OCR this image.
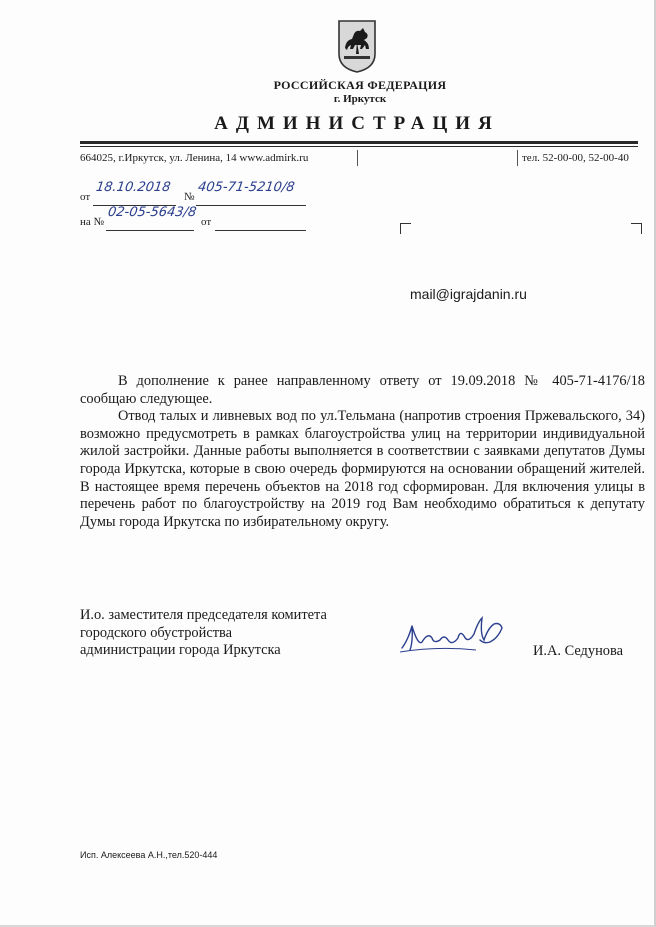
РОССИЙСКАЯ ФЕДЕРАЦИЯ
г. Иркутск
АДМИНИСТРАЦИЯ
664025, г.Иркутск, ул. Ленина, 14 www.admirk.ru	тел. 52-00-00, 52-00-40
от
18.10.2018
№
405-71-5210/8
на №
02-05-5643/8
от
mail@igrajdanin.ru

В дополнение к ранее направленному ответу от 19.09.2018 № 405-71-4176/18 сообщаю следующее.

Отвод талых и ливневых вод по ул.Тельмана (напротив строения Пржевальского, 34) возможно предусмотреть в рамках благоустройства улиц на территории индивидуальной жилой застройки. Данные работы выполняется в соответствии с заявками депутатов Думы города Иркутска, которые в свою очередь формируются на основании обращений жителей. В настоящее время перечень объектов на 2018 год сформирован. Для включения улицы в перечень работ по благоустройству на 2019 год Вам необходимо обратиться к депутату Думы города Иркутска по избирательному округу.

И.о. заместителя председателя комитета
городского обустройства
администрации города Иркутска	И.А. Седунова
Исп. Алексеева А.Н.,тел.520-444
